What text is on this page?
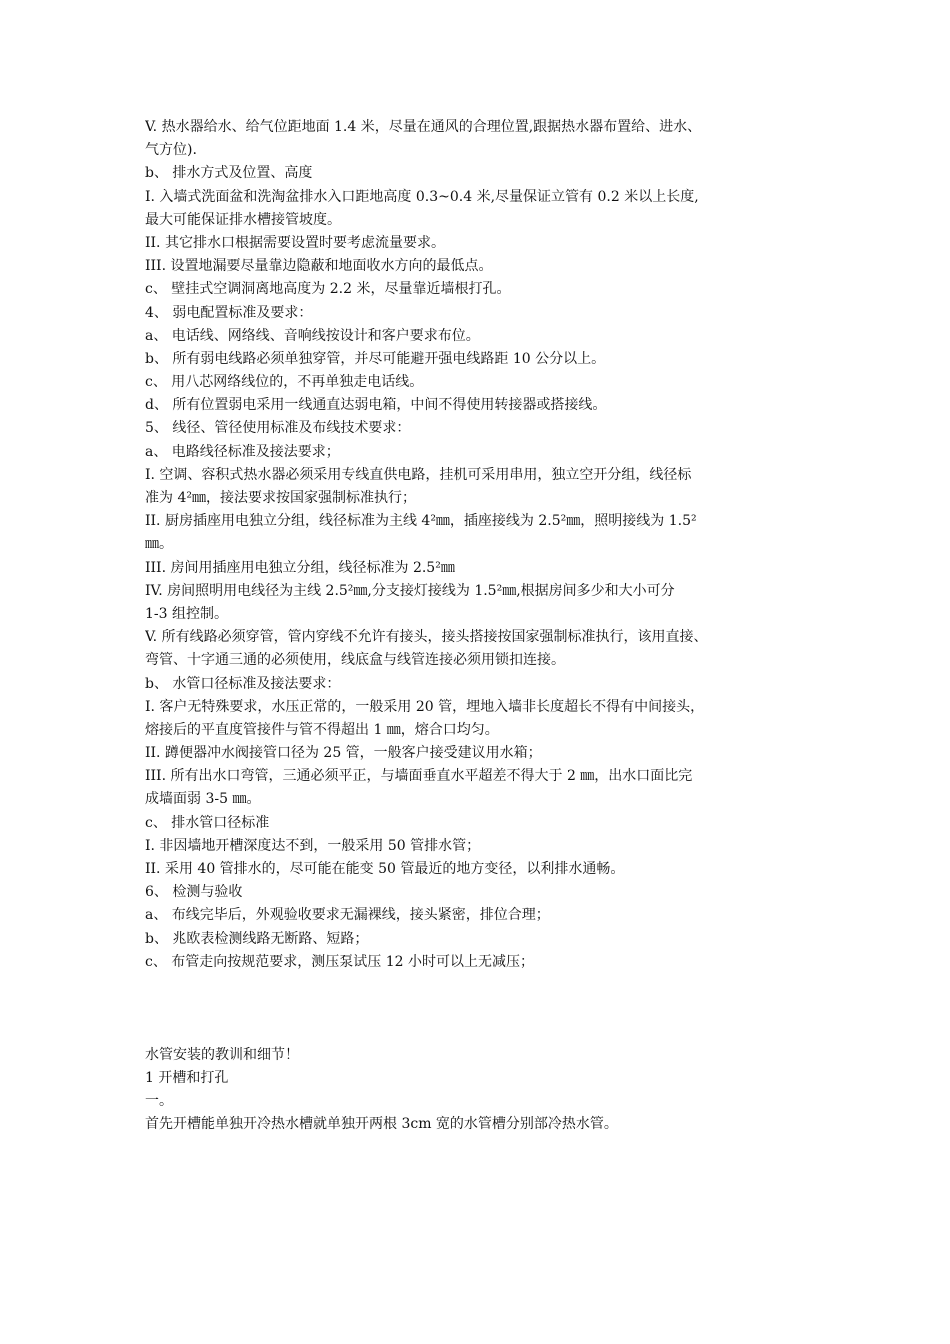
V. 热水器给水、给气位距地面 1.4 米，尽量在通风的合理位置,跟据热水器布置给、进水、
气方位).
b、 排水方式及位置、高度
I. 入墙式洗面盆和洗淘盆排水入口距地高度 0.3~0.4 米,尽量保证立管有 0.2 米以上长度,
最大可能保证排水槽接管坡度。
II. 其它排水口根据需要设置时要考虑流量要求。
III. 设置地漏要尽量靠边隐蔽和地面收水方向的最低点。
c、 壁挂式空调洞离地高度为 2.2 米，尽量靠近墙根打孔。
4、 弱电配置标准及要求：
a、 电话线、网络线、音响线按设计和客户要求布位。
b、 所有弱电线路必须单独穿管，并尽可能避开强电线路距 10 公分以上。
c、 用八芯网络线位的，不再单独走电话线。
d、 所有位置弱电采用一线通直达弱电箱，中间不得使用转接器或搭接线。
5、 线径、管径使用标准及布线技术要求：
a、 电路线径标准及接法要求；
I. 空调、容积式热水器必须采用专线直供电路，挂机可采用串用，独立空开分组，线径标
准为 4²㎜，接法要求按国家强制标准执行；
II. 厨房插座用电独立分组，线径标准为主线 4²㎜，插座接线为 2.5²㎜，照明接线为 1.5²
㎜。
III. 房间用插座用电独立分组，线径标准为 2.5²㎜
IV. 房间照明用电线径为主线 2.5²㎜,分支接灯接线为 1.5²㎜,根据房间多少和大小可分
1-3 组控制。
V. 所有线路必须穿管，管内穿线不允许有接头，接头搭接按国家强制标准执行，该用直接、
弯管、十字通三通的必须使用，线底盒与线管连接必须用锁扣连接。
b、 水管口径标准及接法要求：
I. 客户无特殊要求，水压正常的，一般采用 20 管，埋地入墙非长度超长不得有中间接头，
熔接后的平直度管接件与管不得超出 1 ㎜，熔合口均匀。
II. 蹲便器冲水阀接管口径为 25 管，一般客户接受建议用水箱；
III. 所有出水口弯管，三通必须平正，与墙面垂直水平超差不得大于 2 ㎜，出水口面比完
成墙面弱 3-5 ㎜。
c、 排水管口径标准
I. 非因墙地开槽深度达不到，一般采用 50 管排水管；
II. 采用 40 管排水的，尽可能在能变 50 管最近的地方变径，以利排水通畅。
6、 检测与验收
a、 布线完毕后，外观验收要求无漏裸线，接头紧密，排位合理；
b、 兆欧表检测线路无断路、短路；
c、 布管走向按规范要求，测压泵试压 12 小时可以上无减压；
水管安装的教训和细节！
1 开槽和打孔
一。
首先开槽能单独开冷热水槽就单独开两根 3cm 宽的水管槽分别部冷热水管。
